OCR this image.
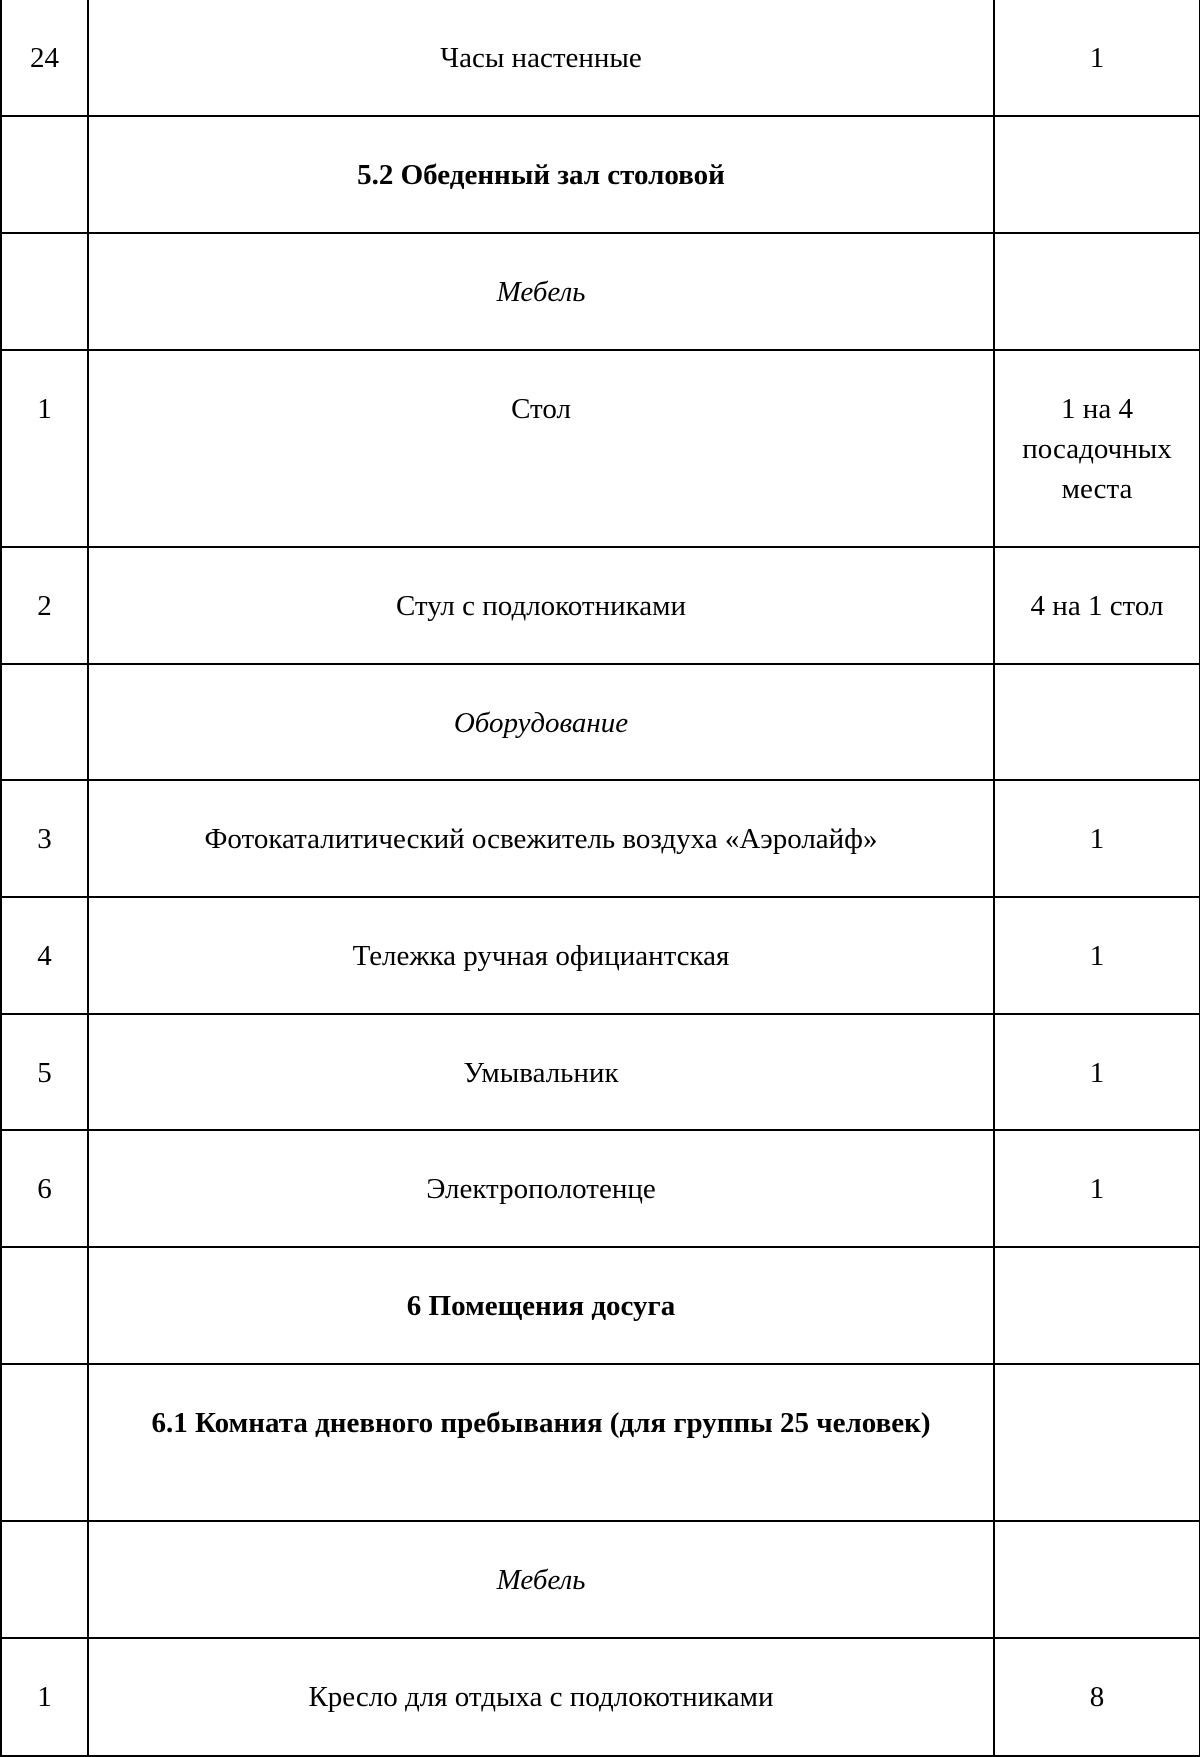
24	Часы настенные	1
	5.2 Обеденный зал столовой	
	Мебель	
1	Стол	1 на 4 посадочных места
2	Стул с подлокотниками	4 на 1 стол
	Оборудование	
3	Фотокаталитический освежитель воздуха «Аэролайф»	1
4	Тележка ручная официантская	1
5	Умывальник	1
6	Электрополотенце	1
	6 Помещения досуга	
	6.1 Комната дневного пребывания (для группы 25 человек)	
	Мебель	
1	Кресло для отдыха с подлокотниками	8
